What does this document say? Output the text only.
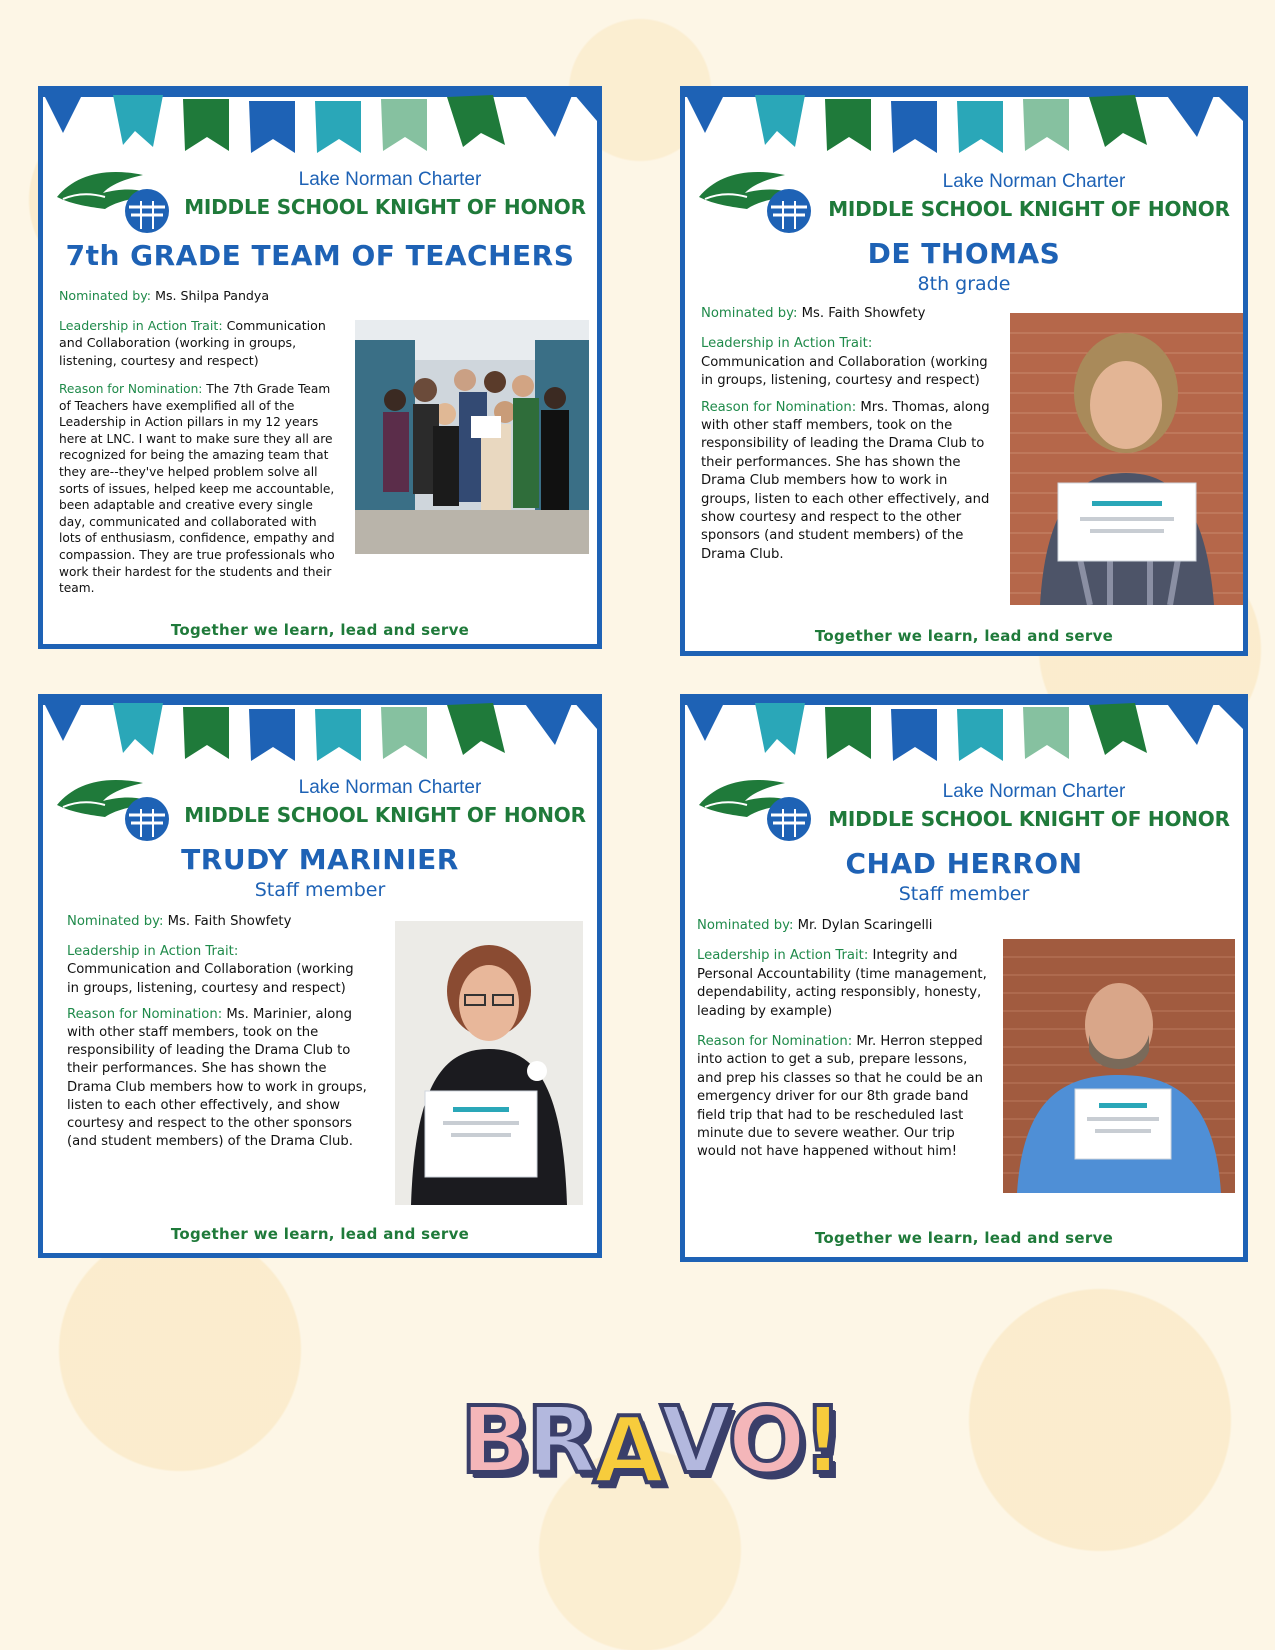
Lake Norman Charter
MIDDLE SCHOOL KNIGHT OF HONOR
7th GRADE TEAM OF TEACHERS

Nominated by: Ms. Shilpa Pandya

Leadership in Action Trait: Communication and Collaboration (working in groups, listening, courtesy and respect)

Reason for Nomination: The 7th Grade Team of Teachers have exemplified all of the Leadership in Action pillars in my 12 years here at LNC. I want to make sure they all are recognized for being the amazing team that they are--they've helped problem solve all sorts of issues, helped keep me accountable, been adaptable and creative every single day, communicated and collaborated with lots of enthusiasm, confidence, empathy and compassion. They are true professionals who work their hardest for the students and their team.

Together we learn, lead and serve
Lake Norman Charter
MIDDLE SCHOOL KNIGHT OF HONOR
DE THOMAS
8th grade

Nominated by: Ms. Faith Showfety

Leadership in Action Trait:
Communication and Collaboration (working in groups, listening, courtesy and respect)

Reason for Nomination: Mrs. Thomas, along with other staff members, took on the responsibility of leading the Drama Club to their performances. She has shown the Drama Club members how to work in groups, listen to each other effectively, and show courtesy and respect to the other sponsors (and student members) of the Drama Club.

Together we learn, lead and serve
Lake Norman Charter
MIDDLE SCHOOL KNIGHT OF HONOR
TRUDY MARINIER
Staff member

Nominated by: Ms. Faith Showfety

Leadership in Action Trait:
Communication and Collaboration (working in groups, listening, courtesy and respect)

Reason for Nomination: Ms. Marinier, along with other staff members, took on the responsibility of leading the Drama Club to their performances. She has shown the Drama Club members how to work in groups, listen to each other effectively, and show courtesy and respect to the other sponsors (and student members) of the Drama Club.

Together we learn, lead and serve
Lake Norman Charter
MIDDLE SCHOOL KNIGHT OF HONOR
CHAD HERRON
Staff member

Nominated by: Mr. Dylan Scaringelli

Leadership in Action Trait: Integrity and Personal Accountability (time management, dependability, acting responsibly, honesty, leading by example)

Reason for Nomination: Mr. Herron stepped into action to get a sub, prepare lessons, and prep his classes so that he could be an emergency driver for our 8th grade band field trip that had to be rescheduled last minute due to severe weather. Our trip would not have happened without him!

Together we learn, lead and serve
B R A V O !
